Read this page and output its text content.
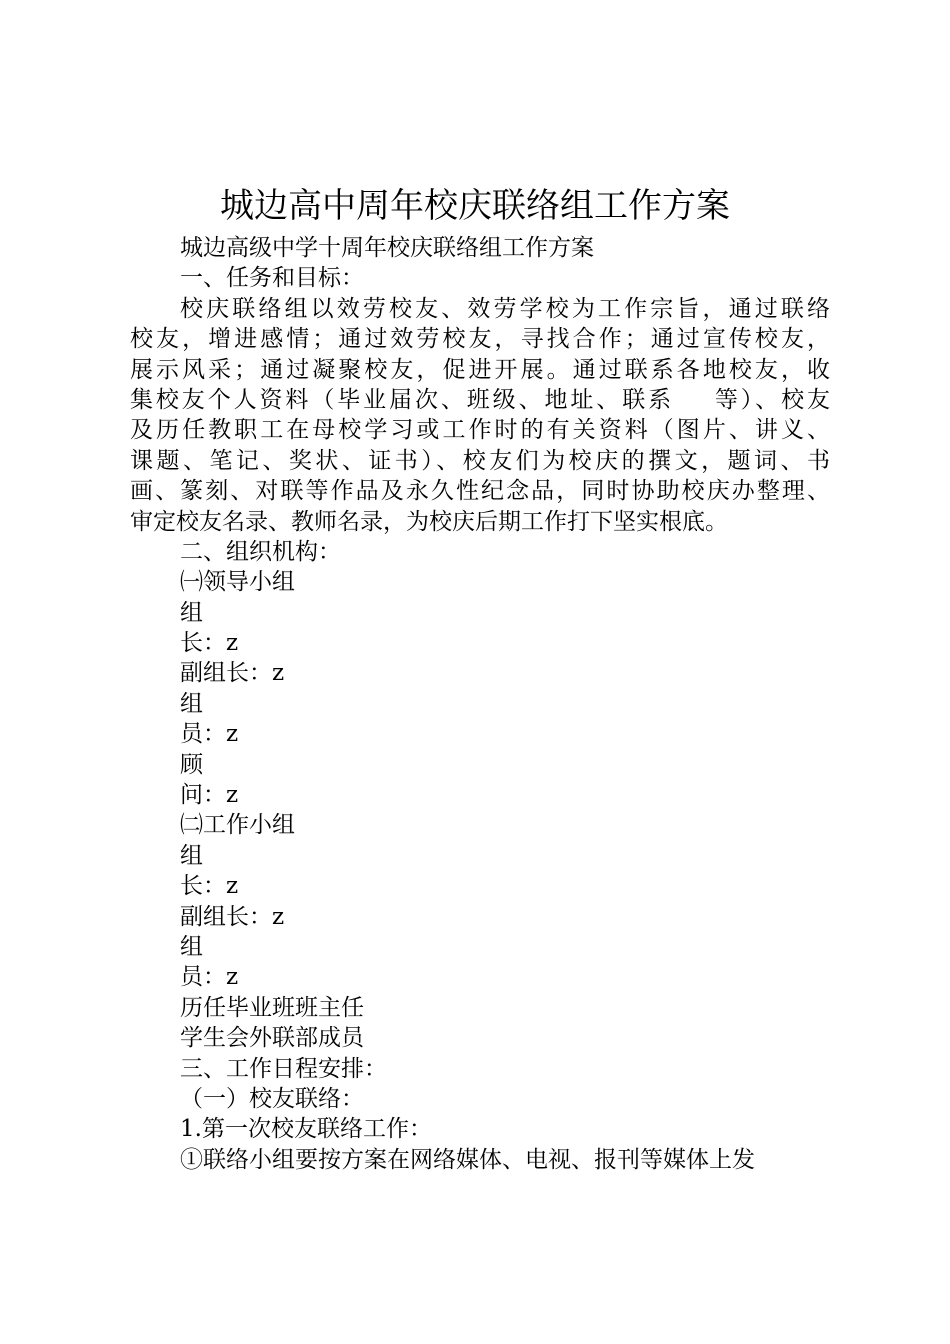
城边高中周年校庆联络组工作方案
城边高级中学十周年校庆联络组工作方案
一、任务和目标：
校庆联络组以效劳校友、效劳学校为工作宗旨，通过联络
校友，增进感情；通过效劳校友，寻找合作；通过宣传校友，
展示风采；通过凝聚校友，促进开展。通过联系各地校友，收
集校友个人资料（毕业届次、班级、地址、联系    等）、校友
及历任教职工在母校学习或工作时的有关资料（图片、讲义、
课题、笔记、奖状、证书）、校友们为校庆的撰文，题词、书
画、篆刻、对联等作品及永久性纪念品，同时协助校庆办整理、
审定校友名录、教师名录，为校庆后期工作打下坚实根底。
二、组织机构：
㈠领导小组
组
长：z
副组长：z
组
员：z
顾
问：z
㈡工作小组
组
长：z
副组长：z
组
员：z
历任毕业班班主任
学生会外联部成员
三、工作日程安排：
（一）校友联络：
1.第一次校友联络工作：
①联络小组要按方案在网络媒体、电视、报刊等媒体上发
